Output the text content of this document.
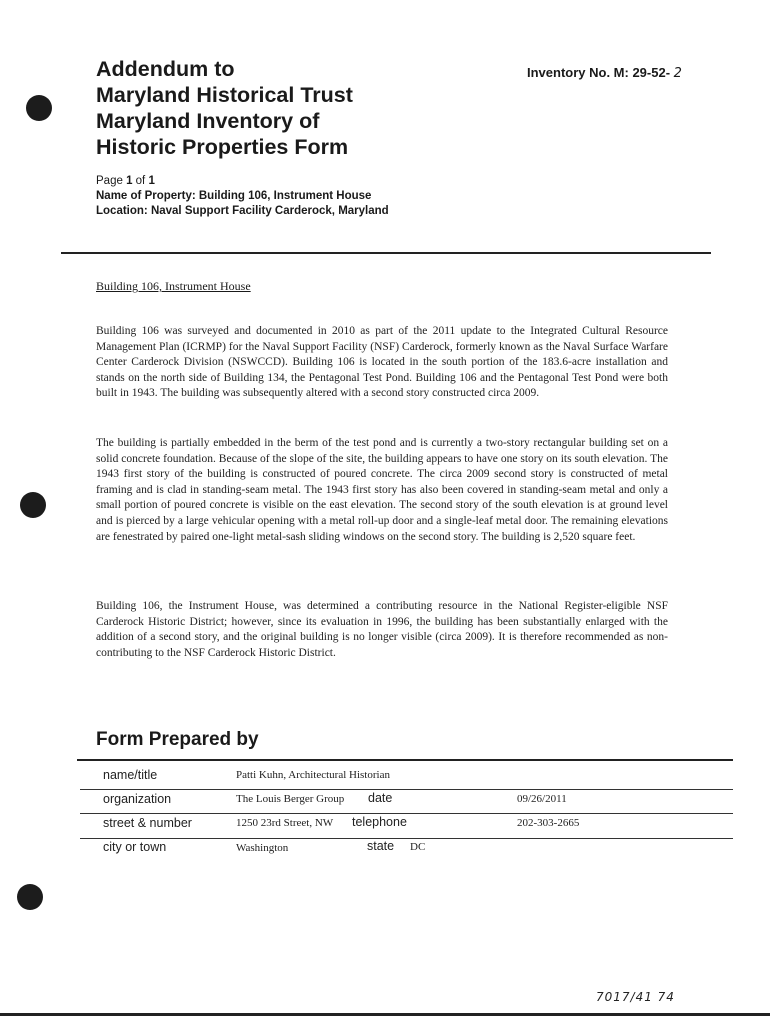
Addendum to
Maryland Historical Trust
Maryland Inventory of
Historic Properties Form
Inventory No. M: 29-52- 2
Page 1 of 1
Name of Property: Building 106, Instrument House
Location: Naval Support Facility Carderock, Maryland
Building 106, Instrument House
Building 106 was surveyed and documented in 2010 as part of the 2011 update to the Integrated Cultural Resource Management Plan (ICRMP) for the Naval Support Facility (NSF) Carderock, formerly known as the Naval Surface Warfare Center Carderock Division (NSWCCD). Building 106 is located in the south portion of the 183.6-acre installation and stands on the north side of Building 134, the Pentagonal Test Pond. Building 106 and the Pentagonal Test Pond were both built in 1943. The building was subsequently altered with a second story constructed circa 2009.
The building is partially embedded in the berm of the test pond and is currently a two-story rectangular building set on a solid concrete foundation. Because of the slope of the site, the building appears to have one story on its south elevation. The 1943 first story of the building is constructed of poured concrete. The circa 2009 second story is constructed of metal framing and is clad in standing-seam metal. The 1943 first story has also been covered in standing-seam metal and only a small portion of poured concrete is visible on the east elevation. The second story of the south elevation is at ground level and is pierced by a large vehicular opening with a metal roll-up door and a single-leaf metal door. The remaining elevations are fenestrated by paired one-light metal-sash sliding windows on the second story. The building is 2,520 square feet.
Building 106, the Instrument House, was determined a contributing resource in the National Register-eligible NSF Carderock Historic District; however, since its evaluation in 1996, the building has been substantially enlarged with the addition of a second story, and the original building is no longer visible (circa 2009). It is therefore recommended as non-contributing to the NSF Carderock Historic District.
Form Prepared by
name/title	Patti Kuhn, Architectural Historian
organization	The Louis Berger Group date	09/26/2011
street & number	1250 23rd Street, NW telephone	202-303-2665
city or town	Washington	state DC
7017/41 74
